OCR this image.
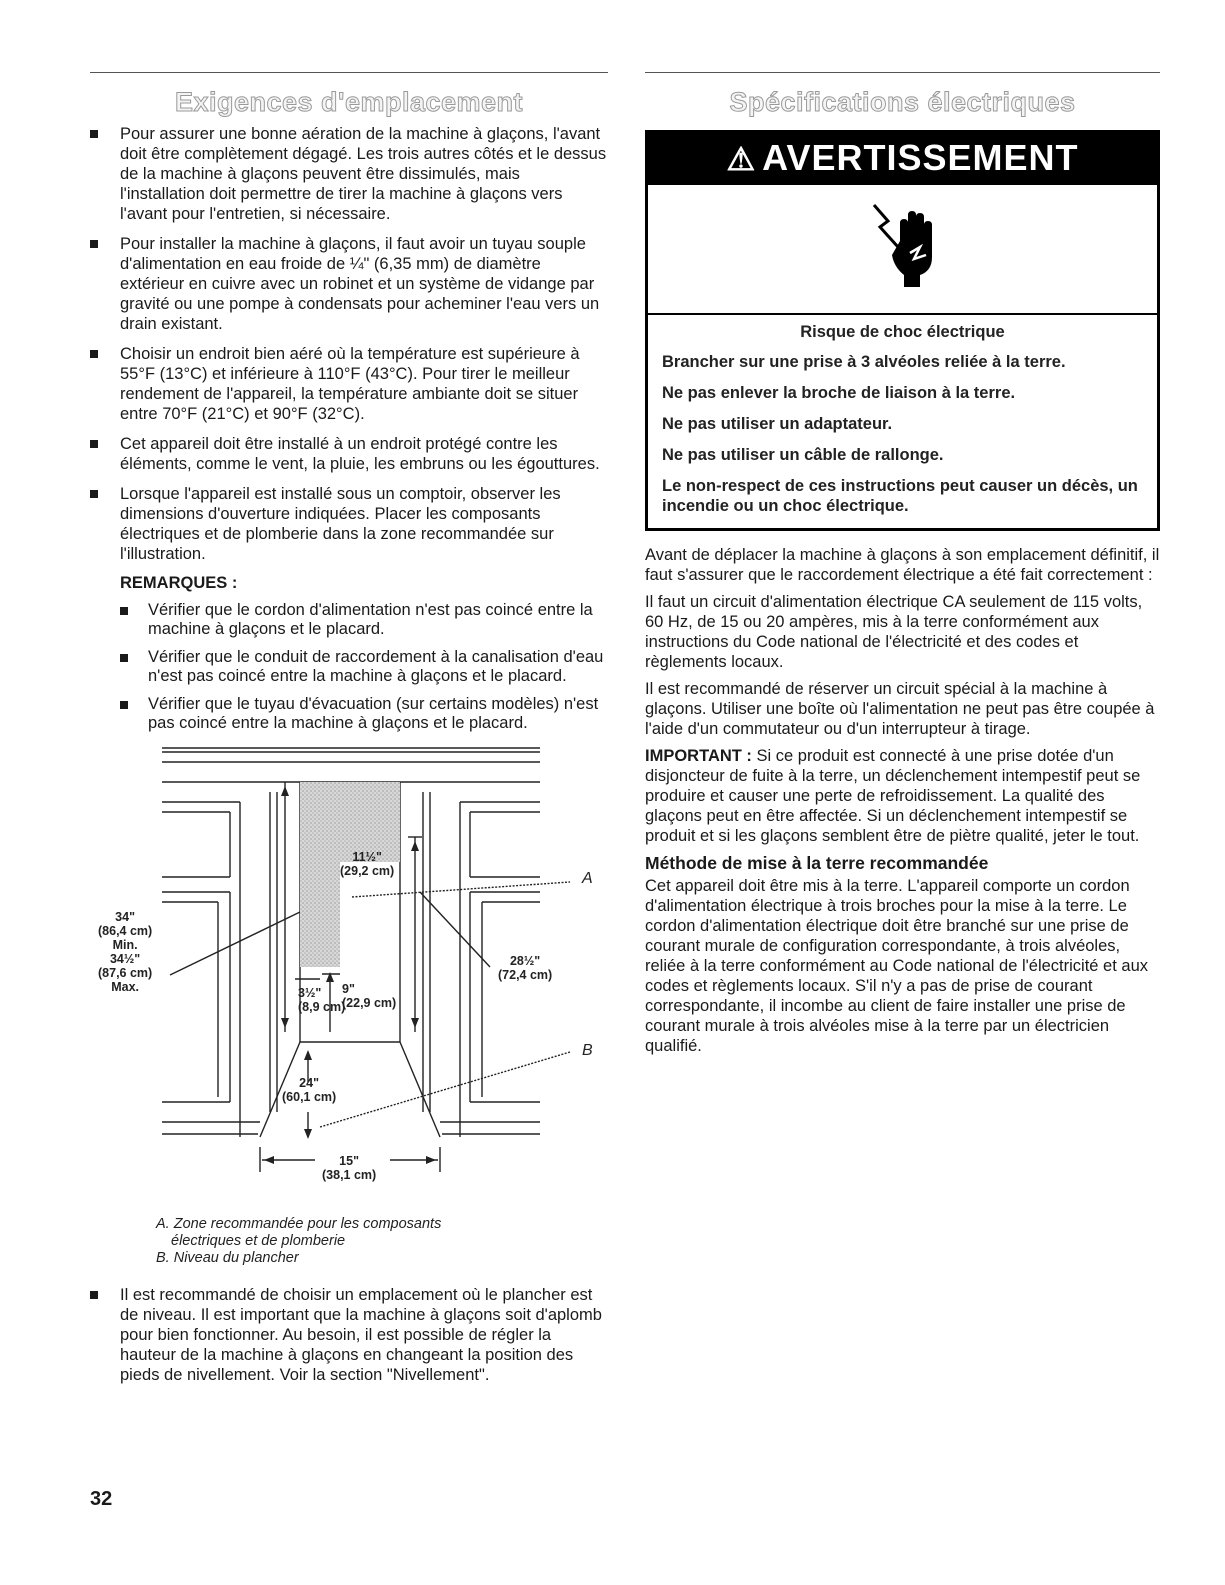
Exigences d'emplacement
Pour assurer une bonne aération de la machine à glaçons, l'avant doit être complètement dégagé. Les trois autres côtés et le dessus de la machine à glaçons peuvent être dissimulés, mais l'installation doit permettre de tirer la machine à glaçons vers l'avant pour l'entretien, si nécessaire.
Pour installer la machine à glaçons, il faut avoir un tuyau souple d'alimentation en eau froide de ¼" (6,35 mm) de diamètre extérieur en cuivre avec un robinet et un système de vidange par gravité ou une pompe à condensats pour acheminer l'eau vers un drain existant.
Choisir un endroit bien aéré où la température est supérieure à 55°F (13°C) et inférieure à 110°F (43°C). Pour tirer le meilleur rendement de l'appareil, la température ambiante doit se situer entre 70°F (21°C) et 90°F (32°C).
Cet appareil doit être installé à un endroit protégé contre les éléments, comme le vent, la pluie, les embruns ou les égouttures.
Lorsque l'appareil est installé sous un comptoir, observer les dimensions d'ouverture indiquées. Placer les composants électriques et de plomberie dans la zone recommandée sur l'illustration.
REMARQUES :
Vérifier que le cordon d'alimentation n'est pas coincé entre la machine à glaçons et le placard.
Vérifier que le conduit de raccordement à la canalisation d'eau n'est pas coincé entre la machine à glaçons et le placard.
Vérifier que le tuyau d'évacuation (sur certains modèles) n'est pas coincé entre la machine à glaçons et le placard.
11½"
(29,2 cm)
34"
(86,4 cm)
Min.
34½"
(87,6 cm)
Max.
28½"
(72,4 cm)
3½"
(8,9 cm)
9"
(22,9 cm)
24"
(60,1 cm)
15"
(38,1 cm)
A
B
A. Zone recommandée pour les composants
électriques et de plomberie
B. Niveau du plancher
Il est recommandé de choisir un emplacement où le plancher est de niveau. Il est important que la machine à glaçons soit d'aplomb pour bien fonctionner. Au besoin, il est possible de régler la hauteur de la machine à glaçons en changeant la position des pieds de nivellement. Voir la section "Nivellement".
Spécifications électriques
⚠ AVERTISSEMENT
Risque de choc électrique
Brancher sur une prise à 3 alvéoles reliée à la terre.
Ne pas enlever la broche de liaison à la terre.
Ne pas utiliser un adaptateur.
Ne pas utiliser un câble de rallonge.
Le non-respect de ces instructions peut causer un décès, un incendie ou un choc électrique.

Avant de déplacer la machine à glaçons à son emplacement définitif, il faut s'assurer que le raccordement électrique a été fait correctement :

Il faut un circuit d'alimentation électrique CA seulement de 115 volts, 60 Hz, de 15 ou 20 ampères, mis à la terre conformément aux instructions du Code national de l'électricité et des codes et règlements locaux.

Il est recommandé de réserver un circuit spécial à la machine à glaçons. Utiliser une boîte où l'alimentation ne peut pas être coupée à l'aide d'un commutateur ou d'un interrupteur à tirage.

IMPORTANT : Si ce produit est connecté à une prise dotée d'un disjoncteur de fuite à la terre, un déclenchement intempestif peut se produire et causer une perte de refroidissement. La qualité des glaçons peut en être affectée. Si un déclenchement intempestif se produit et si les glaçons semblent être de piètre qualité, jeter le tout.

Méthode de mise à la terre recommandée

Cet appareil doit être mis à la terre. L'appareil comporte un cordon d'alimentation électrique à trois broches pour la mise à la terre. Le cordon d'alimentation électrique doit être branché sur une prise de courant murale de configuration correspondante, à trois alvéoles, reliée à la terre conformément au Code national de l'électricité et aux codes et règlements locaux. S'il n'y a pas de prise de courant correspondante, il incombe au client de faire installer une prise de courant murale à trois alvéoles mise à la terre par un électricien qualifié.

32
